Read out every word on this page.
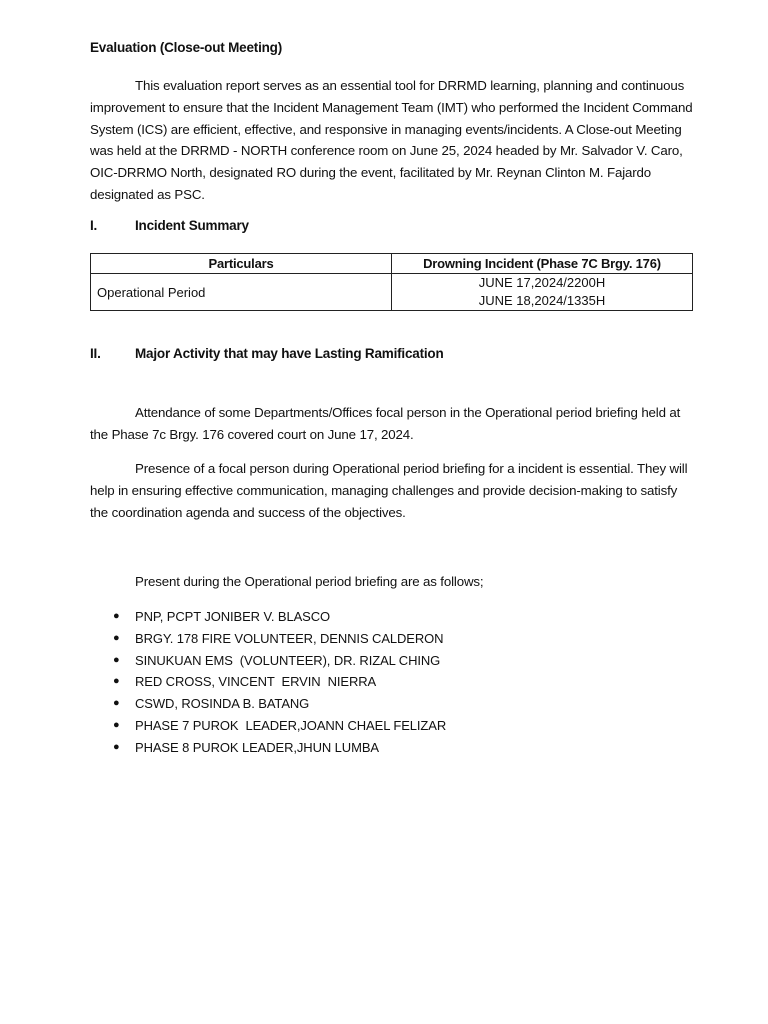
Evaluation (Close-out Meeting)

This evaluation report serves as an essential tool for DRRMD learning, planning and continuous improvement to ensure that the Incident Management Team (IMT) who performed the Incident Command System (ICS) are efficient, effective, and responsive in managing events/incidents. A Close-out Meeting was held at the DRRMD - NORTH conference room on June 25, 2024 headed by Mr. Salvador V. Caro, OIC-DRRMO North, designated RO during the event, facilitated by Mr. Reynan Clinton M. Fajardo designated as PSC.

I.	Incident Summary
Particulars	Drowning Incident (Phase 7C Brgy. 176)
Operational Period	JUNE 17,2024/2200H
JUNE 18,2024/1335H
II.	Major Activity that may have Lasting Ramification

Attendance of some Departments/Offices focal person in the Operational period briefing held at the Phase 7c Brgy. 176 covered court on June 17, 2024.

Presence of a focal person during Operational period briefing for a incident is essential. They will help in ensuring effective communication, managing challenges and provide decision-making to satisfy the coordination agenda and success of the objectives.

Present during the Operational period briefing are as follows;

● PNP, PCPT JONIBER V. BLASCO
● BRGY. 178 FIRE VOLUNTEER, DENNIS CALDERON
● SINUKUAN EMS  (VOLUNTEER), DR. RIZAL CHING
● RED CROSS, VINCENT  ERVIN  NIERRA
● CSWD, ROSINDA B. BATANG
● PHASE 7 PUROK  LEADER,JOANN CHAEL FELIZAR
● PHASE 8 PUROK LEADER,JHUN LUMBA
